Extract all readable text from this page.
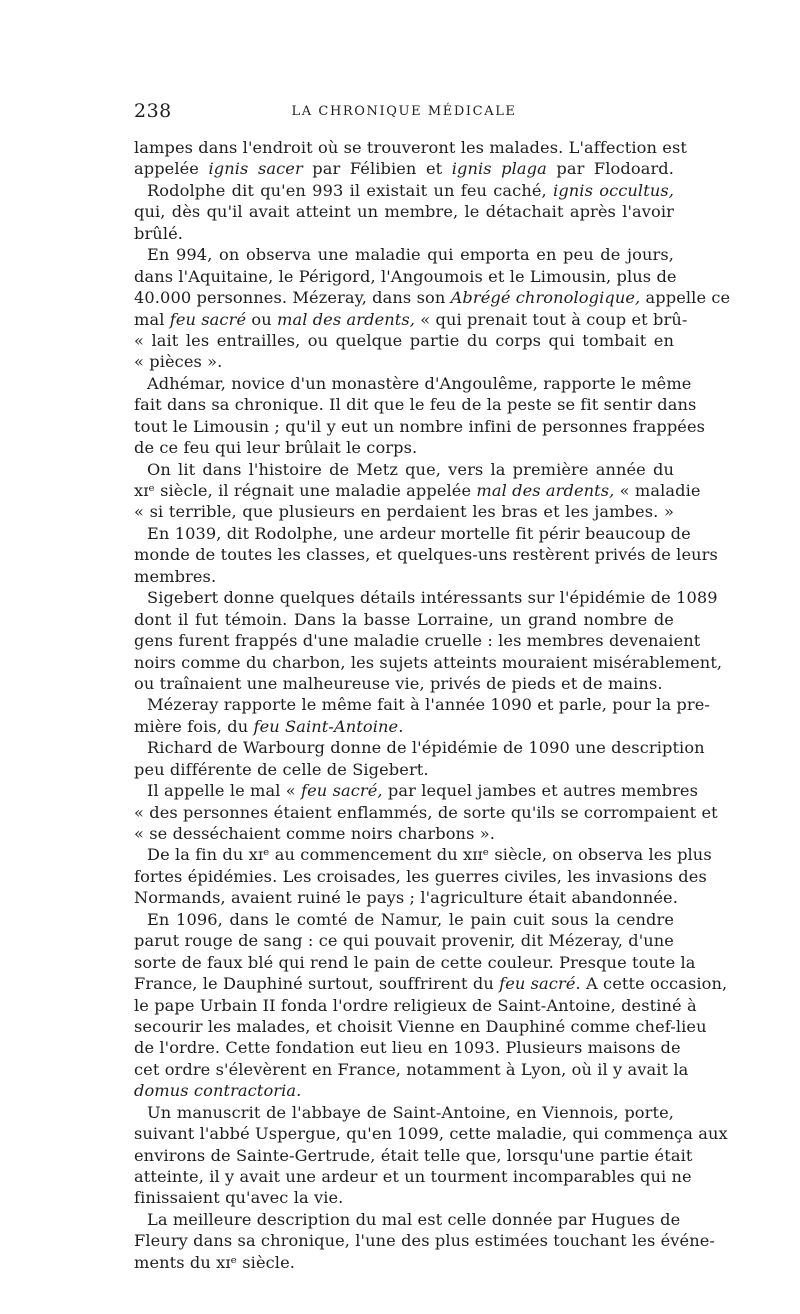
238	LA CHRONIQUE MÉDICALE
lampes dans l'endroit où se trouveront les malades. L'affection est
appelée ignis sacer par Félibien et ignis plaga par Flodoard.
Rodolphe dit qu'en 993 il existait un feu caché, ignis occultus,
qui, dès qu'il avait atteint un membre, le détachait après l'avoir
brûlé.
En 994, on observa une maladie qui emporta en peu de jours,
dans l'Aquitaine, le Périgord, l'Angoumois et le Limousin, plus de
40.000 personnes. Mézeray, dans son Abrégé chronologique, appelle ce
mal feu sacré ou mal des ardents, « qui prenait tout à coup et brû-
« lait les entrailles, ou quelque partie du corps qui tombait en
« pièces ».
Adhémar, novice d'un monastère d'Angoulême, rapporte le même
fait dans sa chronique. Il dit que le feu de la peste se fit sentir dans
tout le Limousin ; qu'il y eut un nombre infini de personnes frappées
de ce feu qui leur brûlait le corps.
On lit dans l'histoire de Metz que, vers la première année du
xɪᵉ siècle, il régnait une maladie appelée mal des ardents, « maladie
« si terrible, que plusieurs en perdaient les bras et les jambes. »
En 1039, dit Rodolphe, une ardeur mortelle fit périr beaucoup de
monde de toutes les classes, et quelques-uns restèrent privés de leurs
membres.
Sigebert donne quelques détails intéressants sur l'épidémie de 1089
dont il fut témoin. Dans la basse Lorraine, un grand nombre de
gens furent frappés d'une maladie cruelle : les membres devenaient
noirs comme du charbon, les sujets atteints mouraient misérablement,
ou traînaient une malheureuse vie, privés de pieds et de mains.
Mézeray rapporte le même fait à l'année 1090 et parle, pour la pre-
mière fois, du feu Saint-Antoine.
Richard de Warbourg donne de l'épidémie de 1090 une description
peu différente de celle de Sigebert.
Il appelle le mal « feu sacré, par lequel jambes et autres membres
« des personnes étaient enflammés, de sorte qu'ils se corrompaient et
« se desséchaient comme noirs charbons ».
De la fin du xɪᵉ au commencement du xɪɪᵉ siècle, on observa les plus
fortes épidémies. Les croisades, les guerres civiles, les invasions des
Normands, avaient ruiné le pays ; l'agriculture était abandonnée.
En 1096, dans le comté de Namur, le pain cuit sous la cendre
parut rouge de sang : ce qui pouvait provenir, dit Mézeray, d'une
sorte de faux blé qui rend le pain de cette couleur. Presque toute la
France, le Dauphiné surtout, souffrirent du feu sacré. A cette occasion,
le pape Urbain II fonda l'ordre religieux de Saint-Antoine, destiné à
secourir les malades, et choisit Vienne en Dauphiné comme chef-lieu
de l'ordre. Cette fondation eut lieu en 1093. Plusieurs maisons de
cet ordre s'élevèrent en France, notamment à Lyon, où il y avait la
domus contractoria.
Un manuscrit de l'abbaye de Saint-Antoine, en Viennois, porte,
suivant l'abbé Uspergue, qu'en 1099, cette maladie, qui commença aux
environs de Sainte-Gertrude, était telle que, lorsqu'une partie était
atteinte, il y avait une ardeur et un tourment incomparables qui ne
finissaient qu'avec la vie.
La meilleure description du mal est celle donnée par Hugues de
Fleury dans sa chronique, l'une des plus estimées touchant les événe-
ments du xɪᵉ siècle.
